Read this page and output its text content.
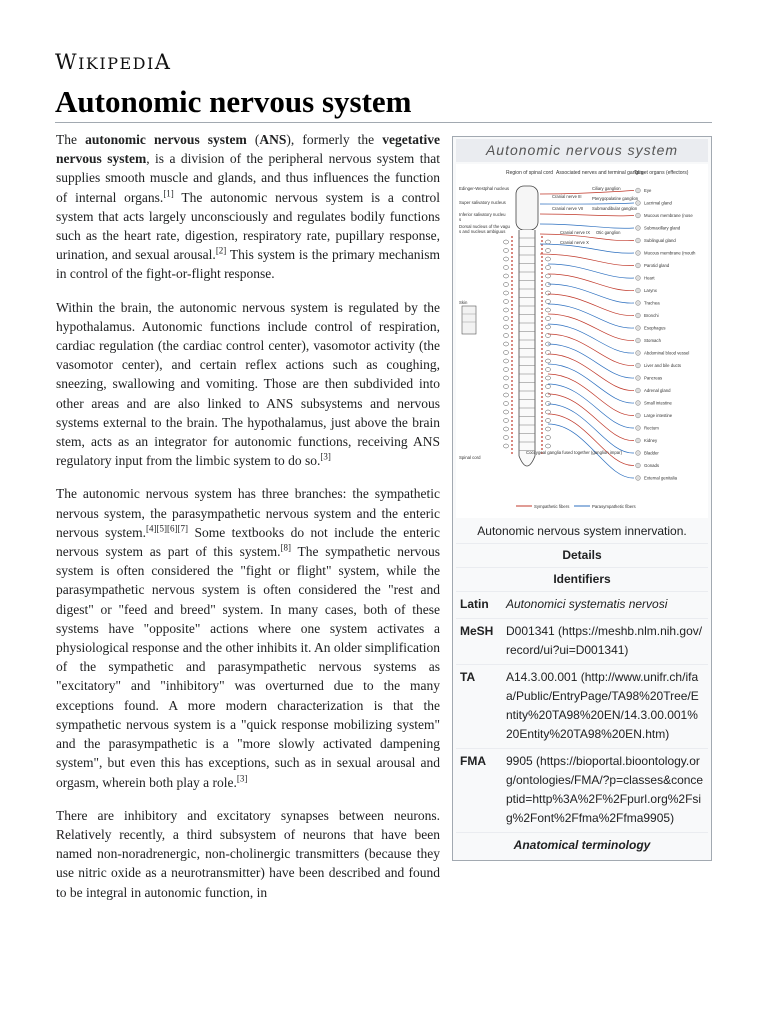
WIKIPEDIA
Autonomic nervous system
Autonomic nervous system
Region of spinal cord Associated nerves and terminal ganglia
Target organs (effectors)
Edinger-Westphal nucleus
Super salivatory nucleus
Inferior salivatory nucleu
s
Dorsal nucleus of the vagu
s and nucleus ambiguus
Skin
Spinal cord
Eye
Lacrimal gland
Mucous membrane (nose
Submaxillary gland
Sublingual gland
Mucous membrane (mouth
Parotid gland
Heart
Larynx
Trachea
Bronchi
Esophagus
Stomach
Abdominal blood vessel
Liver and bile ducts
Pancreas
Adrenal gland
Small intestine
Large intestine
Rectum
Kidney
Bladder
Gonads
External genitalia
Cranial nerve III
Ciliary ganglion
Cranial nerve VII
Pterygopalatine ganglion
Submandibular ganglion
Cranial nerve IX Otic ganglion
Cranial nerve X
Coccygeal ganglia fused together (ganglion impar)
Sympathetic fibers	Parasympathetic fibers
Autonomic nervous system innervation.
Details
Identifiers
Latin	Autonomici systematis nervosi
MeSH	D001341 (https://meshb.nlm.nih.gov/record/ui?ui=D001341)
TA	A14.3.00.001 (http://www.unifr.ch/ifaa/Public/EntryPage/TA98%20Tree/Entity%20TA98%20EN/14.3.00.001%20Entity%20TA98%20EN.htm)
FMA	9905 (https://bioportal.bioontology.org/ontologies/FMA/?p=classes&conceptid=http%3A%2F%2Fpurl.org%2Fsig%2Font%2Ffma%2Ffma9905)
Anatomical terminology

The autonomic nervous system (ANS), formerly the vegetative nervous system, is a division of the peripheral nervous system that supplies smooth muscle and glands, and thus influences the function of internal organs.[1] The autonomic nervous system is a control system that acts largely unconsciously and regulates bodily functions such as the heart rate, digestion, respiratory rate, pupillary response, urination, and sexual arousal.[2] This system is the primary mechanism in control of the fight-or-flight response.

Within the brain, the autonomic nervous system is regulated by the hypothalamus. Autonomic functions include control of respiration, cardiac regulation (the cardiac control center), vasomotor activity (the vasomotor center), and certain reflex actions such as coughing, sneezing, swallowing and vomiting. Those are then subdivided into other areas and are also linked to ANS subsystems and nervous systems external to the brain. The hypothalamus, just above the brain stem, acts as an integrator for autonomic functions, receiving ANS regulatory input from the limbic system to do so.[3]

The autonomic nervous system has three branches: the sympathetic nervous system, the parasympathetic nervous system and the enteric nervous system.[4][5][6][7] Some textbooks do not include the enteric nervous system as part of this system.[8] The sympathetic nervous system is often considered the "fight or flight" system, while the parasympathetic nervous system is often considered the "rest and digest" or "feed and breed" system. In many cases, both of these systems have "opposite" actions where one system activates a physiological response and the other inhibits it. An older simplification of the sympathetic and parasympathetic nervous systems as "excitatory" and "inhibitory" was overturned due to the many exceptions found. A more modern characterization is that the sympathetic nervous system is a "quick response mobilizing system" and the parasympathetic is a "more slowly activated dampening system", but even this has exceptions, such as in sexual arousal and orgasm, wherein both play a role.[3]

There are inhibitory and excitatory synapses between neurons. Relatively recently, a third subsystem of neurons that have been named non-noradrenergic, non-cholinergic transmitters (because they use nitric oxide as a neurotransmitter) have been described and found to be integral in autonomic function, in
